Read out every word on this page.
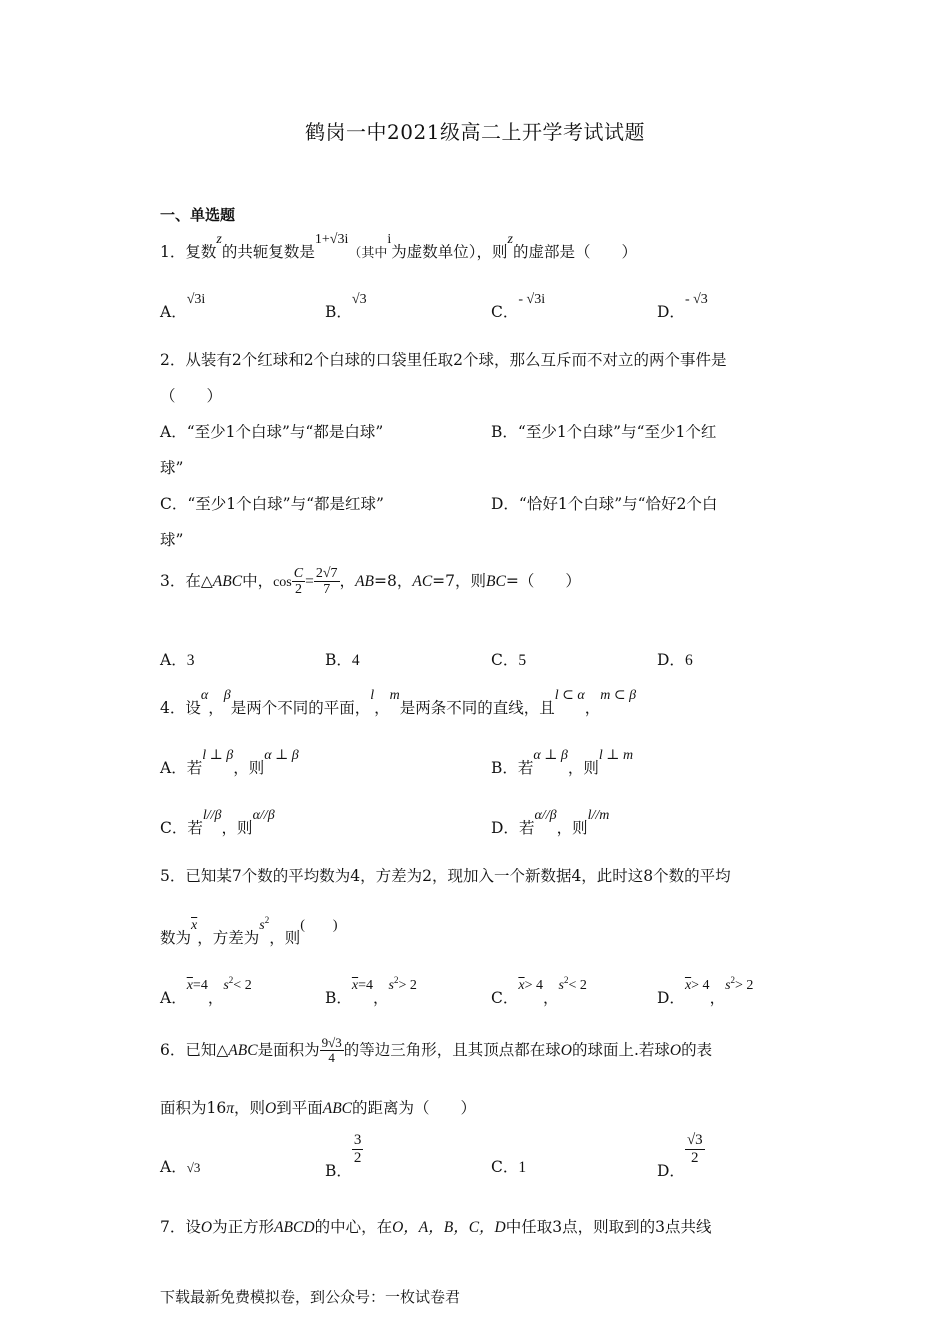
鹤岗一中2021级高二上开学考试试题
一、单选题
1．复数z的共轭复数是1+√3i（其中i为虚数单位），则z的虚部是（　　）
A．√3i
B．√3
C．- √3i
D．- √3
2．从装有2个红球和2个白球的口袋里任取2个球，那么互斥而不对立的两个事件是
（　　）
A．“至少1个白球”与“都是白球”	B．“至少1个白球”与“至少1个红
球”
C．“至少1个白球”与“都是红球”	D．“恰好1个白球”与“恰好2个白
球”
3．在△ABC中，$\cos \frac{C}{2} = \frac{2√7}{7}$ ，AB=8，AC=7，则BC=（　　）
A．3	B．4	C．5	D．6
4．设α，β是两个不同的平面，l，m是两条不同的直线，且l ⊂ α，m ⊂ β
A．若l ⊥ β，则α ⊥ β
B．若α ⊥ β，则l ⊥ m
C．若l//β，则α//β
D．若α//β，则l//m
5．已知某7个数的平均数为4，方差为2，现加入一个新数据4，此时这8个数的平均
数为$\overline{x}$，方差为$s^2$，则(　　)
A．$\overline{x}=4$，$s^2< 2$
B．$\overline{x}=4$，$s^2> 2$
C．$\overline{x}> 4$，$s^2< 2$
D．$\overline{x}> 4$，$s^2> 2$
6．已知△ABC是面积为 $\frac{9√3}{4}$ 的等边三角形，且其顶点都在球O的球面上.若球O的表
面积为16π，则O到平面ABC的距离为（　　）
A．√3	B．
$\frac{3}{2}$
C．1	D．
$\frac{√3}{2}$
7．设O为正方形ABCD的中心，在O，A，B，C，D中任取3点，则取到的3点共线
下载最新免费模拟卷，到公众号：一枚试卷君
